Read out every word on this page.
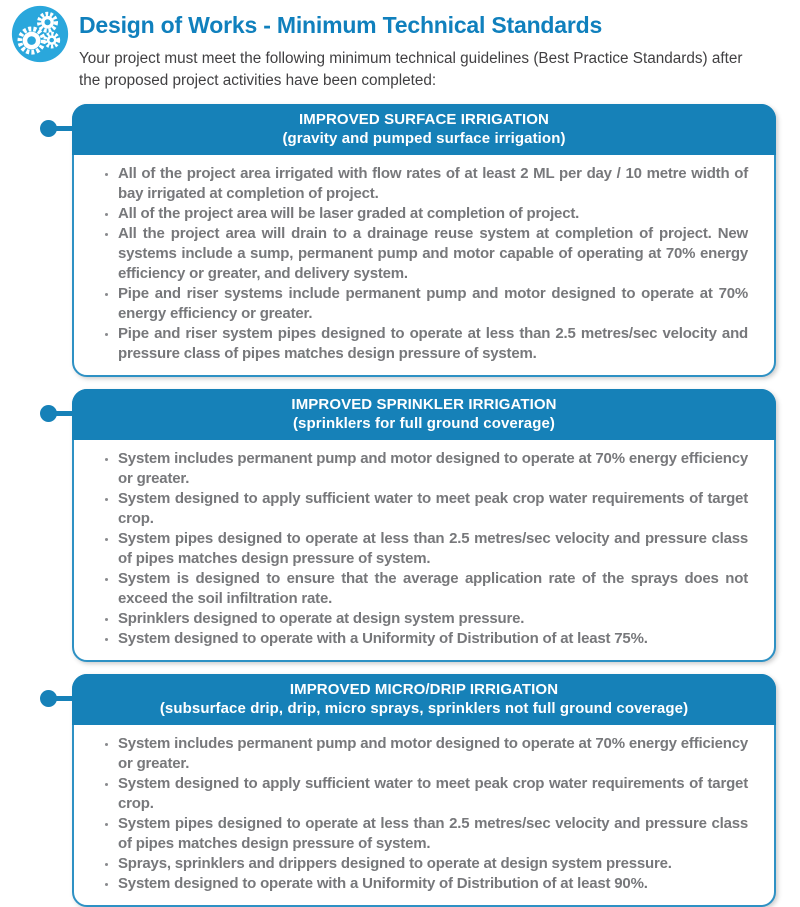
Design of Works - Minimum Technical Standards

Your project must meet the following minimum technical guidelines (Best Practice Standards) after the proposed project activities have been completed:

IMPROVED SURFACE IRRIGATION
(gravity and pumped surface irrigation)
• All of the project area irrigated with flow rates of at least 2 ML per day / 10 metre width of bay irrigated at completion of project.
• All of the project area will be laser graded at completion of project.
• All the project area will drain to a drainage reuse system at completion of project. New systems include a sump, permanent pump and motor capable of operating at 70% energy efficiency or greater, and delivery system.
• Pipe and riser systems include permanent pump and motor designed to operate at 70% energy efficiency or greater.
• Pipe and riser system pipes designed to operate at less than 2.5 metres/sec velocity and pressure class of pipes matches design pressure of system.
IMPROVED SPRINKLER IRRIGATION
(sprinklers for full ground coverage)
• System includes permanent pump and motor designed to operate at 70% energy efficiency or greater.
• System designed to apply sufficient water to meet peak crop water requirements of target crop.
• System pipes designed to operate at less than 2.5 metres/sec velocity and pressure class of pipes matches design pressure of system.
• System is designed to ensure that the average application rate of the sprays does not exceed the soil infiltration rate.
• Sprinklers designed to operate at design system pressure.
• System designed to operate with a Uniformity of Distribution of at least 75%.
IMPROVED MICRO/DRIP IRRIGATION
(subsurface drip, drip, micro sprays, sprinklers not full ground coverage)
• System includes permanent pump and motor designed to operate at 70% energy efficiency or greater.
• System designed to apply sufficient water to meet peak crop water requirements of target crop.
• System pipes designed to operate at less than 2.5 metres/sec velocity and pressure class of pipes matches design pressure of system.
• Sprays, sprinklers and drippers designed to operate at design system pressure.
• System designed to operate with a Uniformity of Distribution of at least 90%.
